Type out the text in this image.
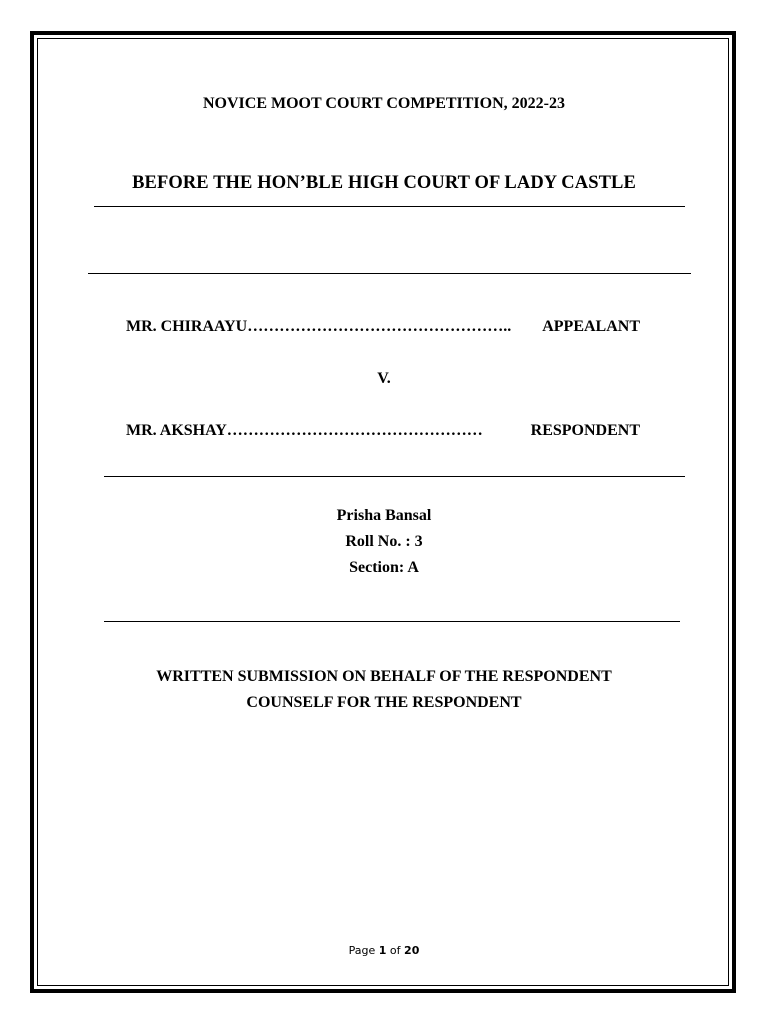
NOVICE MOOT COURT COMPETITION, 2022-23
BEFORE THE HON’BLE HIGH COURT OF LADY CASTLE
MR. CHIRAAYU …………………………………………..	APPEALANT
V.
MR. AKSHAY …………………………………………	RESPONDENT
Prisha Bansal
Roll No. : 3
Section: A
WRITTEN SUBMISSION ON BEHALF OF THE RESPONDENT
COUNSELF FOR THE RESPONDENT
Page 1 of 20
